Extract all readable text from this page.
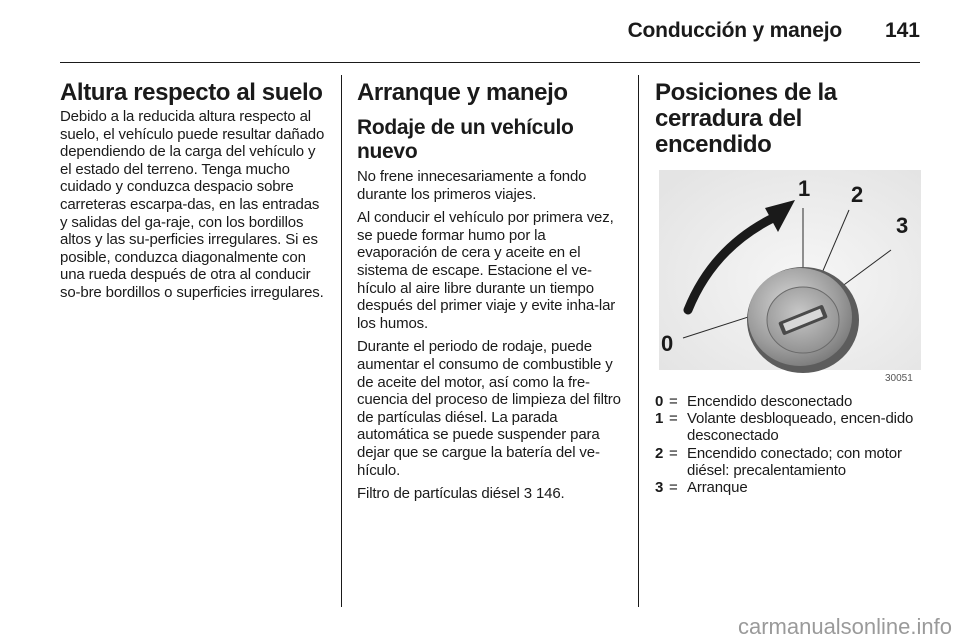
Conducción y manejo 141
Altura respecto al suelo

Debido a la reducida altura respecto al suelo, el vehículo puede resultar dañado dependiendo de la carga del vehículo y el estado del terreno. Tenga mucho cuidado y conduzca despacio sobre carreteras escarpa-das, en las entradas y salidas del ga-raje, con los bordillos altos y las su-perficies irregulares. Si es posible, conduzca diagonalmente con una rueda después de otra al conducir so-bre bordillos o superficies irregulares.

Arranque y manejo
Rodaje de un vehículo nuevo

No frene innecesariamente a fondo durante los primeros viajes.

Al conducir el vehículo por primera vez, se puede formar humo por la evaporación de cera y aceite en el sistema de escape. Estacione el ve-hículo al aire libre durante un tiempo después del primer viaje y evite inha-lar los humos.

Durante el periodo de rodaje, puede aumentar el consumo de combustible y de aceite del motor, así como la fre-cuencia del proceso de limpieza del filtro de partículas diésel. La parada automática se puede suspender para dejar que se cargue la batería del ve-hículo.

Filtro de partículas diésel 3 146.

Posiciones de la cerradura del encendido
1 2
3
0
30051
0 = Encendido desconectado
1 = Volante desbloqueado, encen-dido desconectado
2 = Encendido conectado; con motor diésel: precalentamiento
3 = Arranque
carmanualsonline.info
